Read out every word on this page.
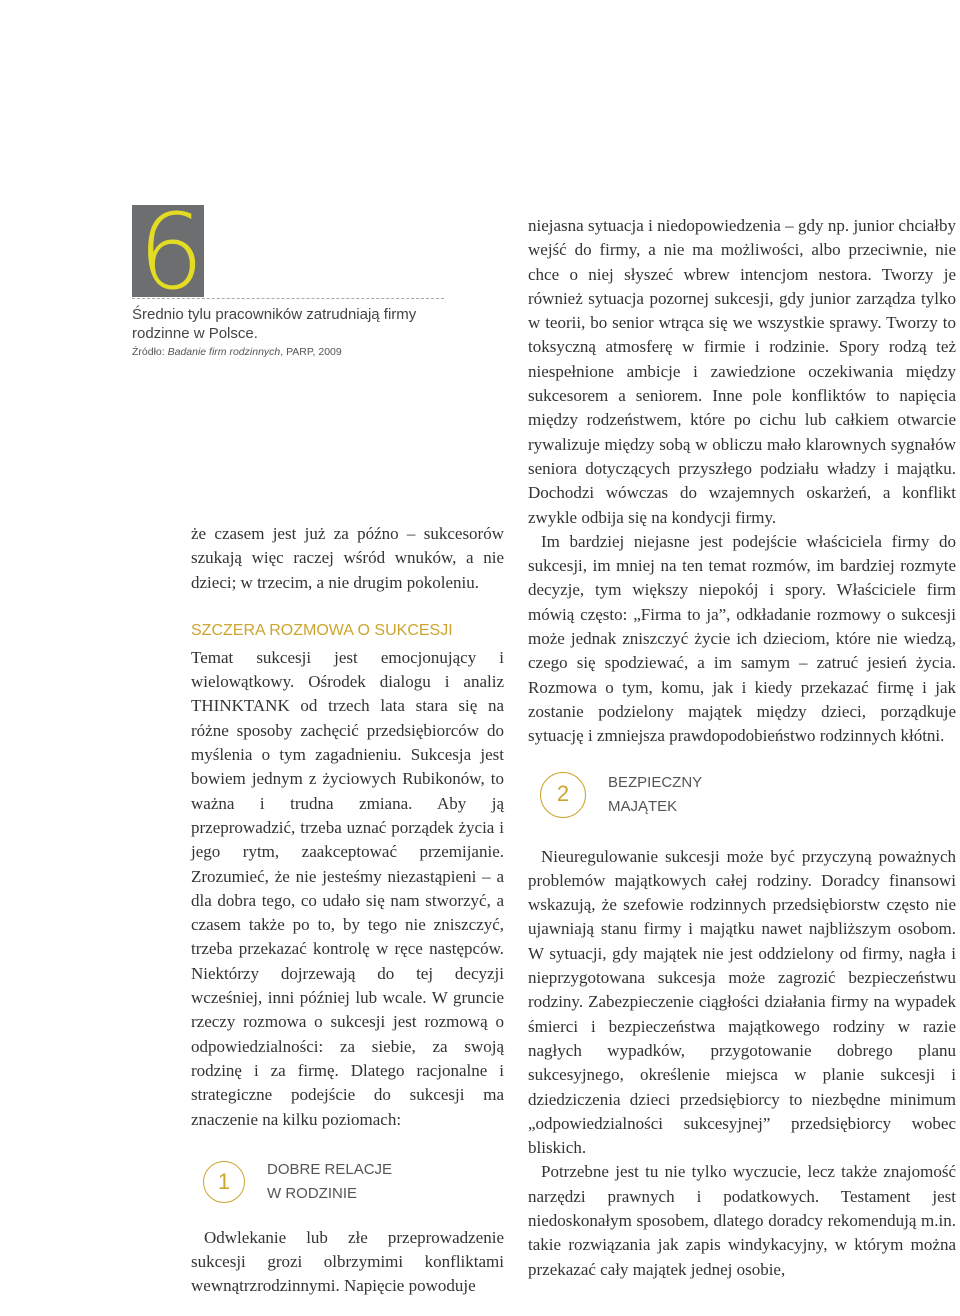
6
Średnio tylu pracowników zatrudniają firmy rodzinne w Polsce.
Źródło: Badanie firm rodzinnych, PARP, 2009

że czasem jest już za późno – sukcesorów szukają więc raczej wśród wnuków, a nie dzieci; w trzecim, a nie drugim pokoleniu.

SZCZERA ROZMOWA O SUKCESJI

Temat sukcesji jest emocjonujący i wielowątkowy. Ośrodek dialogu i analiz THINKTANK od trzech lata stara się na różne sposoby zachęcić przedsiębiorców do myślenia o tym zagadnieniu. Sukcesja jest bowiem jednym z życiowych Rubikonów, to ważna i trudna zmiana. Aby ją przeprowadzić, trzeba uznać porządek życia i jego rytm, zaakceptować przemijanie. Zrozumieć, że nie jesteśmy niezastąpieni – a dla dobra tego, co udało się nam stworzyć, a czasem także po to, by tego nie zniszczyć, trzeba przekazać kontrolę w ręce następców. Niektórzy dojrzewają do tej decyzji wcześniej, inni później lub wcale. W gruncie rzeczy rozmowa o sukcesji jest rozmową o odpowiedzialności: za siebie, za swoją rodzinę i za firmę. Dlatego racjonalne i strategiczne podejście do sukcesji ma znaczenie na kilku poziomach:

1	DOBRE RELACJE
W RODZINIE

Odwlekanie lub złe przeprowadzenie sukcesji grozi olbrzymimi konfliktami wewnątrzrodzinnymi. Napięcie powoduje

niejasna sytuacja i niedopowiedzenia – gdy np. junior chciałby wejść do firmy, a nie ma możliwości, albo przeciwnie, nie chce o niej słyszeć wbrew intencjom nestora. Tworzy je również sytuacja pozornej sukcesji, gdy junior zarządza tylko w teorii, bo senior wtrąca się we wszystkie sprawy. Tworzy to toksyczną atmosferę w firmie i rodzinie. Spory rodzą też niespełnione ambicje i zawiedzione oczekiwania między sukcesorem a seniorem. Inne pole konfliktów to napięcia między rodzeństwem, które po cichu lub całkiem otwarcie rywalizuje między sobą w obliczu mało klarownych sygnałów seniora dotyczących przyszłego podziału władzy i majątku. Dochodzi wówczas do wzajemnych oskarżeń, a konflikt zwykle odbija się na kondycji firmy.

Im bardziej niejasne jest podejście właściciela firmy do sukcesji, im mniej na ten temat rozmów, im bardziej rozmyte decyzje, tym większy niepokój i spory. Właściciele firm mówią często: „Firma to ja”, odkładanie rozmowy o sukcesji może jednak zniszczyć życie ich dzieciom, które nie wiedzą, czego się spodziewać, a im samym – zatruć jesień życia. Rozmowa o tym, komu, jak i kiedy przekazać firmę i jak zostanie podzielony majątek między dzieci, porządkuje sytuację i zmniejsza prawdopodobieństwo rodzinnych kłótni.

2	BEZPIECZNY
MAJĄTEK

Nieuregulowanie sukcesji może być przyczyną poważnych problemów majątkowych całej rodziny. Doradcy finansowi wskazują, że szefowie rodzinnych przedsiębiorstw często nie ujawniają stanu firmy i majątku nawet najbliższym osobom. W sytuacji, gdy majątek nie jest oddzielony od firmy, nagła i nieprzygotowana sukcesja może zagrozić bezpieczeństwu rodziny. Zabezpieczenie ciągłości działania firmy na wypadek śmierci i bezpieczeństwa majątkowego rodziny w razie nagłych wypadków, przygotowanie dobrego planu sukcesyjnego, określenie miejsca w planie sukcesji i dziedziczenia dzieci przedsiębiorcy to niezbędne minimum „odpowiedzialności sukcesyjnej” przedsiębiorcy wobec bliskich.

Potrzebne jest tu nie tylko wyczucie, lecz także znajomość narzędzi prawnych i podatkowych. Testament jest niedoskonałym sposobem, dlatego doradcy rekomendują m.in. takie rozwiązania jak zapis windykacyjny, w którym można przekazać cały majątek jednej osobie,
